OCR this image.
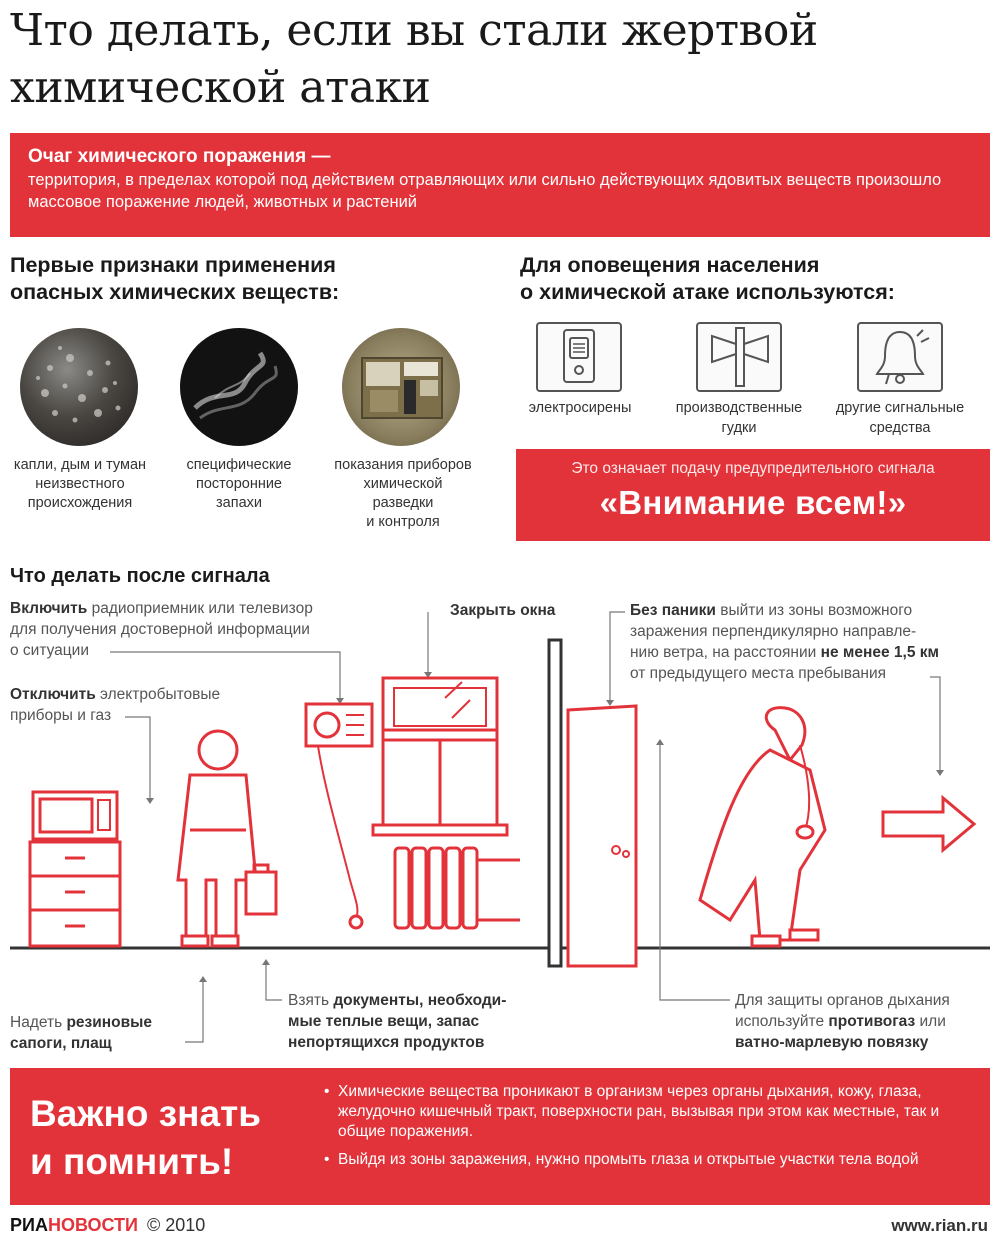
Что делать, если вы стали жертвой химической атаки
Очаг химического поражения —
территория, в пределах которой под действием отравляющих или сильно действующих ядовитых веществ произошло массовое поражение людей, животных и растений
Первые признаки применения
опасных химических веществ:
капли, дым и туман
неизвестного
происхождения
специфические
посторонние
запахи
показания приборов
химической
разведки
и контроля
Для оповещения населения
о химической атаке используются:
электросирены	производственные
гудки
другие сигнальные
средства
Это означает подачу предупредительного сигнала
«Внимание всем!»
Что делать после сигнала
Включить радиоприемник или телевизор
для получения достоверной информации
о ситуации
Отключить электробытовые
приборы и газ
Закрыть окна	Без паники выйти из зоны возможного
заражения перпендикулярно направле-
нию ветра, на расстоянии не менее 1,5 км
от предыдущего места пребывания
Надеть резиновые
сапоги, плащ
Взять документы, необходи-
мые теплые вещи, запас
непортящихся продуктов
Для защиты органов дыхания
используйте противогаз или
ватно-марлевую повязку
Важно знать
и помнить!
• Химические вещества проникают в организм через органы дыхания, кожу, глаза, желудочно кишечный тракт, поверхности ран, вызывая при этом как местные, так и общие поражения.
• Выйдя из зоны заражения, нужно промыть глаза и открытые участки тела водой
РИАНОВОСТИ © 2010	www.rian.ru
